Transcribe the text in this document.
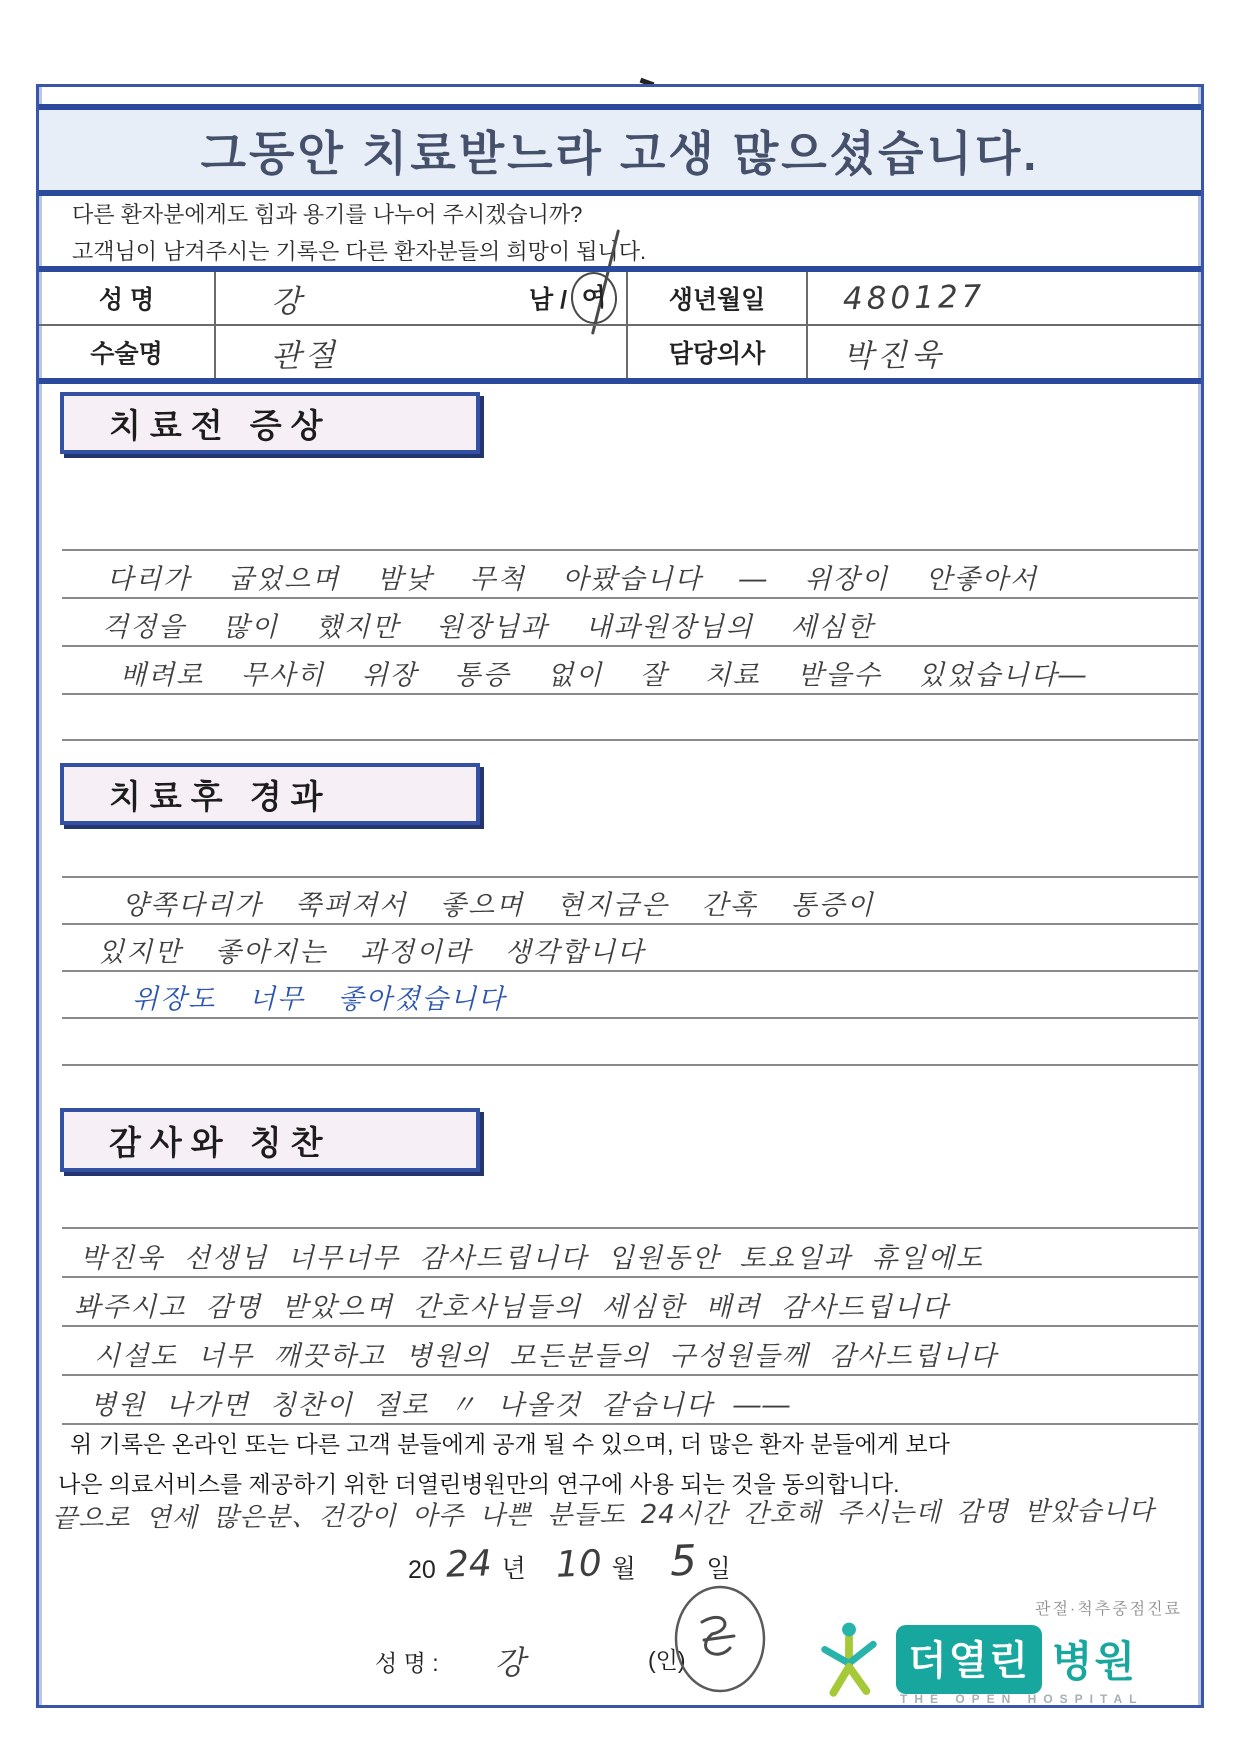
그동안 치료받느라 고생 많으셨습니다.
다른 환자분에게도 힘과 용기를 나누어 주시겠습니까?
고객님이 남겨주시는 기록은 다른 환자분들의 희망이 됩니다.
성 명	강	남 / 여	생년월일	480127
수술명	관절	담당의사	박진욱
치료전 증상
다리가 굽었으며 밤낮 무척 아팠습니다 ― 위장이 안좋아서
걱정을 많이 했지만 원장님과 내과원장님의 세심한
배려로 무사히 위장 통증 없이 잘 치료 받을수 있었습니다―
치료후 경과
양쪽다리가 쭉펴져서 좋으며 현지금은 간혹 통증이
있지만 좋아지는 과정이라 생각합니다
위장도 너무 좋아졌습니다
감사와 칭찬
박진욱 선생님 너무너무 감사드립니다 입원동안 토요일과 휴일에도
봐주시고 감명 받았으며 간호사님들의 세심한 배려 감사드립니다
시설도 너무 깨끗하고 병원의 모든분들의 구성원들께 감사드립니다
병원 나가면 칭찬이 절로 〃 나올것 같습니다 ――
위 기록은 온라인 또는 다른 고객 분들에게 공개 될 수 있으며, 더 많은 환자 분들에게 보다
나은 의료서비스를 제공하기 위한 더열린병원만의 연구에 사용 되는 것을 동의합니다.
끝으로 연세 많은분、건강이 아주 나쁜 분들도 24시간 간호해 주시는데 감명 받았습니다
20 24 년 10 월 5 일
성 명 : 강	(인)
관절·척추중점진료
더열린 병원
THE OPEN HOSPITAL
